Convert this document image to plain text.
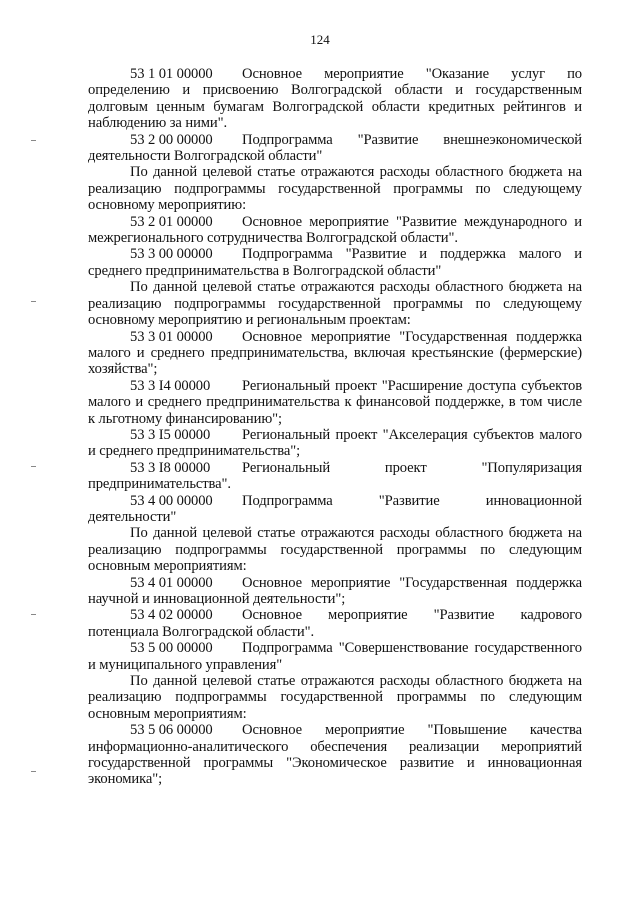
124

53 1 01 00000 Основное мероприятие "Оказание услуг по определению и присвоению Волгоградской области и государственным долговым ценным бумагам Волгоградской области кредитных рейтингов и наблюдению за ними".

53 2 00 00000 Подпрограмма "Развитие внешнеэкономической деятельности Волгоградской области"

По данной целевой статье отражаются расходы областного бюджета на реализацию подпрограммы государственной программы по следующему основному мероприятию:

53 2 01 00000 Основное мероприятие "Развитие международного и межрегионального сотрудничества Волгоградской области".

53 3 00 00000 Подпрограмма "Развитие и поддержка малого и среднего предпринимательства в Волгоградской области"

По данной целевой статье отражаются расходы областного бюджета на реализацию подпрограммы государственной программы по следующему основному мероприятию и региональным проектам:

53 3 01 00000 Основное мероприятие "Государственная поддержка малого и среднего предпринимательства, включая крестьянские (фермерские) хозяйства";

53 3 I4 00000 Региональный проект "Расширение доступа субъектов малого и среднего предпринимательства к финансовой поддержке, в том числе к льготному финансированию";

53 3 I5 00000 Региональный проект "Акселерация субъектов малого и среднего предпринимательства";

53 3 I8 00000 Региональный проект "Популяризация предпринимательства".

53 4 00 00000 Подпрограмма "Развитие инновационной деятельности"

По данной целевой статье отражаются расходы областного бюджета на реализацию подпрограммы государственной программы по следующим основным мероприятиям:

53 4 01 00000 Основное мероприятие "Государственная поддержка научной и инновационной деятельности";

53 4 02 00000 Основное мероприятие "Развитие кадрового потенциала Волгоградской области".

53 5 00 00000 Подпрограмма "Совершенствование государственного и муниципального управления"

По данной целевой статье отражаются расходы областного бюджета на реализацию подпрограммы государственной программы по следующим основным мероприятиям:

53 5 06 00000 Основное мероприятие "Повышение качества информационно-аналитического обеспечения реализации мероприятий государственной программы "Экономическое развитие и инновационная экономика";
